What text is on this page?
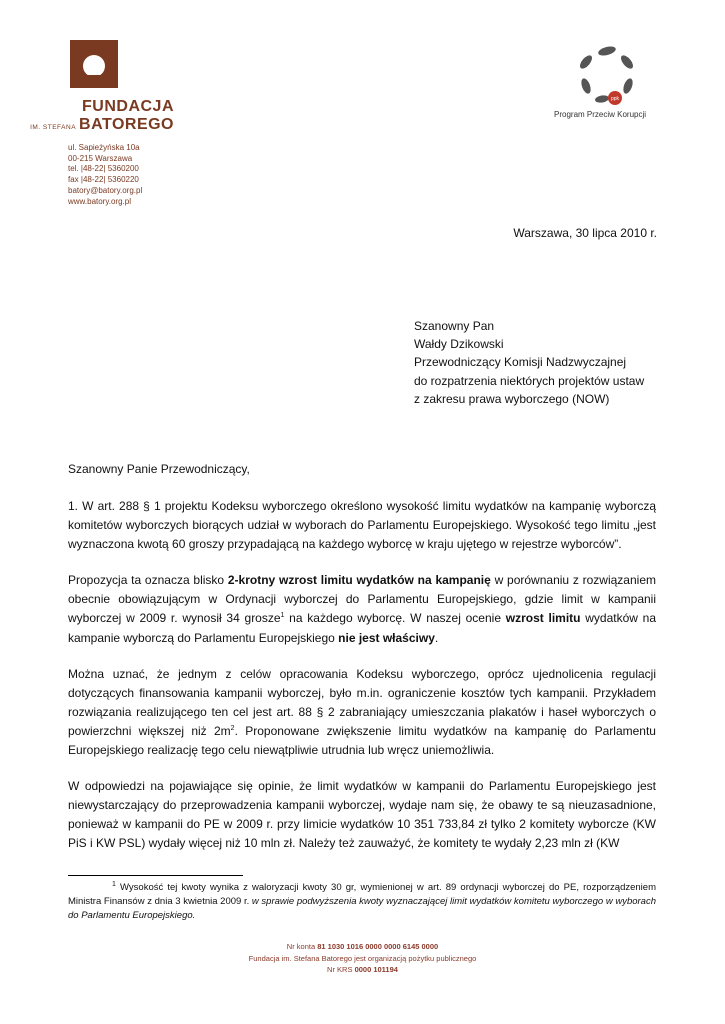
FUNDACJA
IM. STEFANA BATOREGO
ul. Sapieżyńska 10a
00-215 Warszawa
tel. |48-22| 5360200
fax |48-22| 5360220
batory@batory.org.pl
www.batory.org.pl
ppk
Program Przeciw Korupcji
Warszawa, 30 lipca 2010 r.
Szanowny Pan
Wałdy Dzikowski
Przewodniczący Komisji Nadzwyczajnej
do rozpatrzenia niektórych projektów ustaw
z zakresu prawa wyborczego (NOW)
Szanowny Panie Przewodniczący,

1. W art. 288 § 1 projektu Kodeksu wyborczego określono wysokość limitu wydatków na kampanię wyborczą komitetów wyborczych biorących udział w wyborach do Parlamentu Europejskiego. Wysokość tego limitu „jest wyznaczona kwotą 60 groszy przypadającą na każdego wyborcę w kraju ujętego w rejestrze wyborców”.

Propozycja ta oznacza blisko 2-krotny wzrost limitu wydatków na kampanię w porównaniu z rozwiązaniem obecnie obowiązującym w Ordynacji wyborczej do Parlamentu Europejskiego, gdzie limit w kampanii wyborczej w 2009 r. wynosił 34 grosze$^1$ na każdego wyborcę. W naszej ocenie wzrost limitu wydatków na kampanie wyborczą do Parlamentu Europejskiego nie jest właściwy.

Można uznać, że jednym z celów opracowania Kodeksu wyborczego, oprócz ujednolicenia regulacji dotyczących finansowania kampanii wyborczej, było m.in. ograniczenie kosztów tych kampanii. Przykładem rozwiązania realizującego ten cel jest art. 88 § 2 zabraniający umieszczania plakatów i haseł wyborczych o powierzchni większej niż $2m^2$. Proponowane zwiększenie limitu wydatków na kampanię do Parlamentu Europejskiego realizację tego celu niewątpliwie utrudnia lub wręcz uniemożliwia.

W odpowiedzi na pojawiające się opinie, że limit wydatków w kampanii do Parlamentu Europejskiego jest niewystarczający do przeprowadzenia kampanii wyborczej, wydaje nam się, że obawy te są nieuzasadnione, ponieważ w kampanii do PE w 2009 r. przy limicie wydatków 10 351 733,84 zł tylko 2 komitety wyborcze (KW PiS i KW PSL) wydały więcej niż 10 mln zł. Należy też zauważyć, że komitety te wydały 2,23 mln zł (KW

$^1$ Wysokość tej kwoty wynika z waloryzacji kwoty 30 gr, wymienionej w art. 89 ordynacji wyborczej do PE, rozporządzeniem Ministra Finansów z dnia 3 kwietnia 2009 r. w sprawie podwyższenia kwoty wyznaczającej limit wydatków komitetu wyborczego w wyborach do Parlamentu Europejskiego.

Nr konta 81 1030 1016 0000 0000 6145 0000
Fundacja im. Stefana Batorego jest organizacją pożytku publicznego
Nr KRS 0000 101194
